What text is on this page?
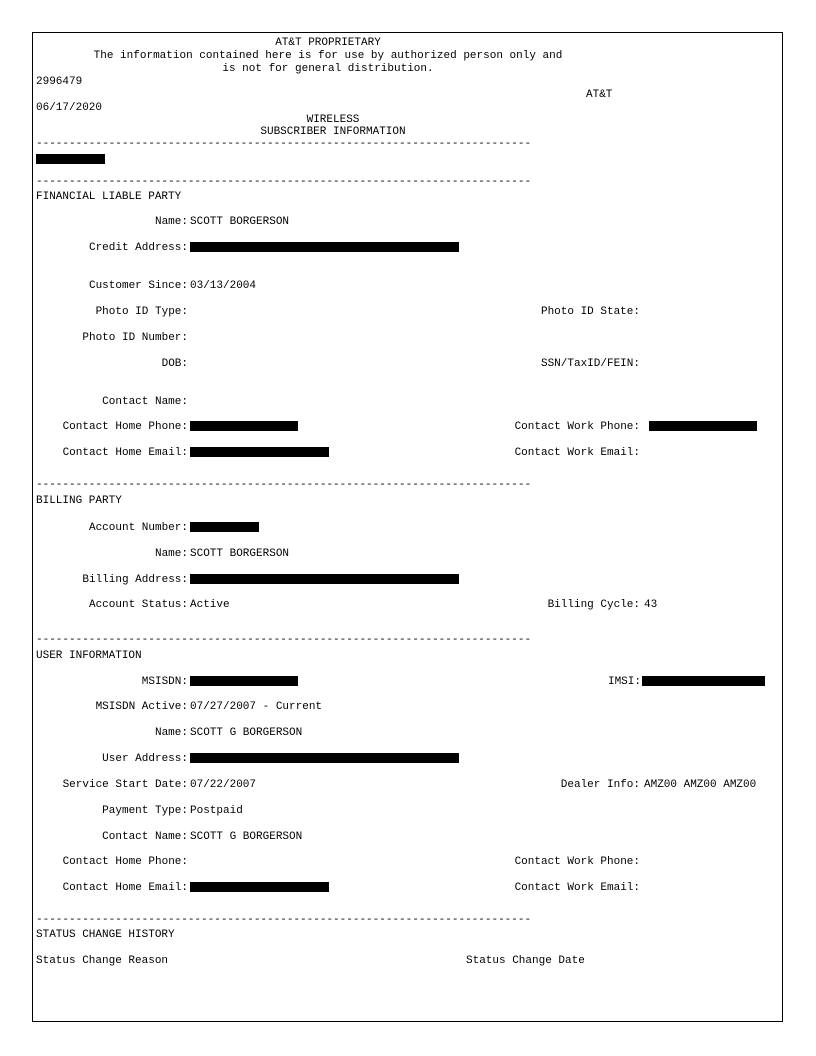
AT&T PROPRIETARY
The information contained here is for use by authorized person only and
is not for general distribution.
2996479
AT&T
06/17/2020
WIRELESS
SUBSCRIBER INFORMATION
---------------------------------------------------------------------------
---------------------------------------------------------------------------
FINANCIAL LIABLE PARTY
Name: SCOTT BORGERSON
Credit Address:
Customer Since: 03/13/2004
Photo ID Type:	Photo ID State:
Photo ID Number:
DOB:	SSN/TaxID/FEIN:
Contact Name:
Contact Home Phone:	Contact Work Phone:
Contact Home Email:	Contact Work Email:
---------------------------------------------------------------------------
BILLING PARTY
Account Number:
Name: SCOTT BORGERSON
Billing Address:
Account Status: Active	Billing Cycle: 43
---------------------------------------------------------------------------
USER INFORMATION
MSISDN:	IMSI:
MSISDN Active: 07/27/2007 - Current
Name: SCOTT G BORGERSON
User Address:
Service Start Date: 07/22/2007	Dealer Info: AMZ00 AMZ00 AMZ00
Payment Type: Postpaid
Contact Name: SCOTT G BORGERSON
Contact Home Phone:	Contact Work Phone:
Contact Home Email:	Contact Work Email:
---------------------------------------------------------------------------
STATUS CHANGE HISTORY
Status Change Reason	Status Change Date
